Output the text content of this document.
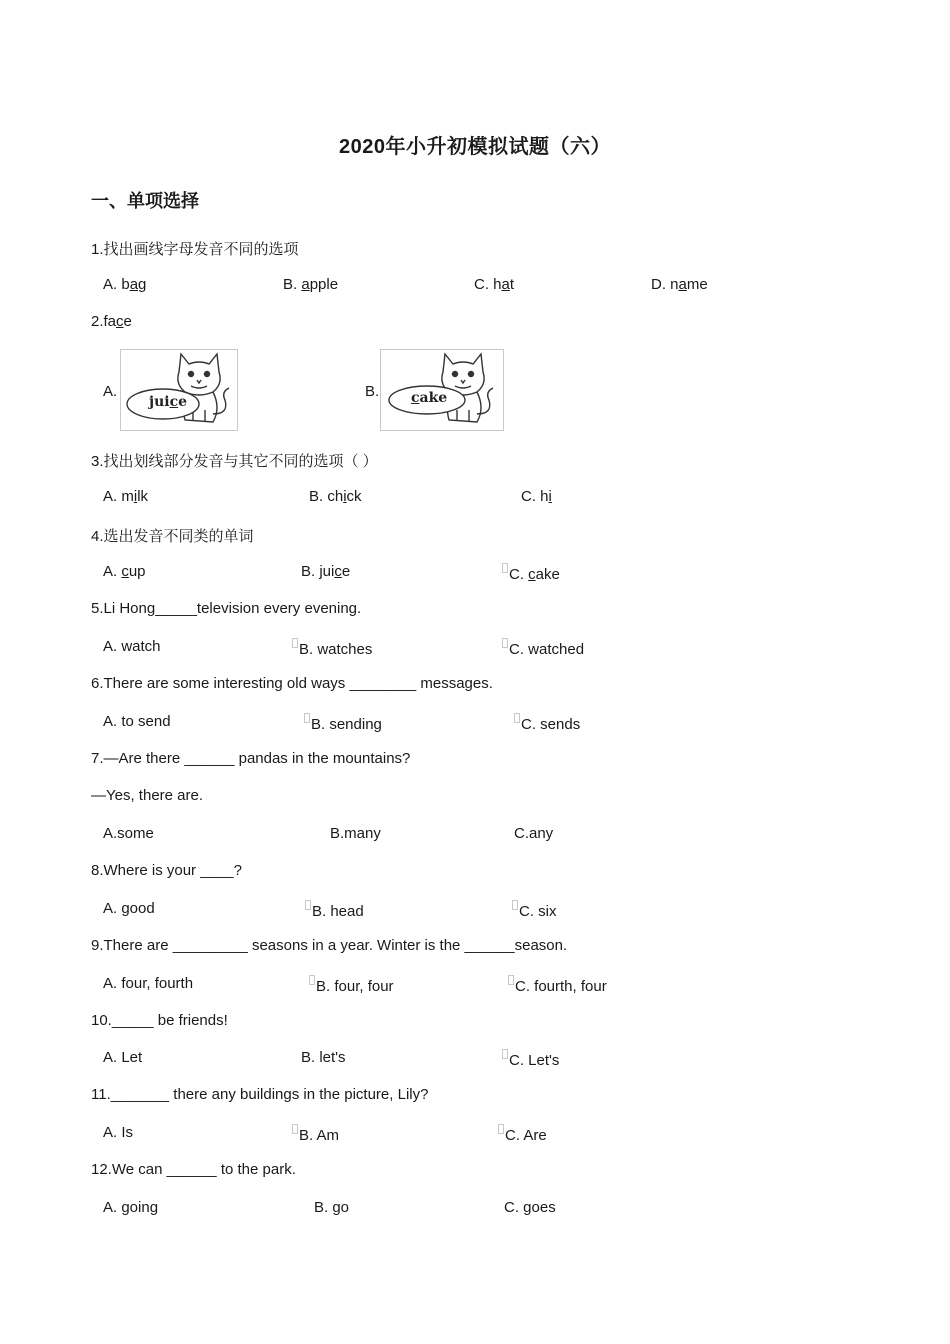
2020年小升初模拟试题（六）
一、单项选择
1.找出画线字母发音不同的选项
A. bag	B. apple	C. hat	D. name
2.face
A.
juice
B. cake
3.找出划线部分发音与其它不同的选项（ ）
A. milk	B. chick	C. hi
4.选出发音不同类的单词
A. cup	B. juice	C. cake
5.Li Hong_____television every evening.
A. watch	B. watches	C. watched
6.There are some interesting old ways ________ messages.
A. to send	B. sending	C. sends
7.—Are there ______ pandas in the mountains?
—Yes, there are.
A.some	B.many	C.any
8.Where is your ____?
A. good	B. head	C. six
9.There are _________ seasons in a year. Winter is the ______season.
A. four, fourth	B. four, four	C. fourth, four
10._____ be friends!
A. Let	B. let's	C. Let's
11._______ there any buildings in the picture, Lily?
A. Is	B. Am	C. Are
12.We can ______ to the park.
A. going	B. go	C. goes
